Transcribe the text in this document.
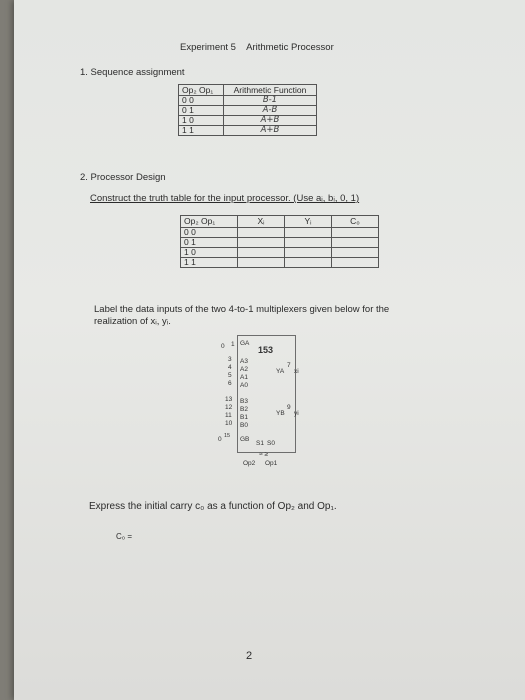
Experiment 5 Arithmetic Processor
1. Sequence assignment
Op₂ Op₁	Arithmetic Function
0 0	B-1
0 1	A-B
1 0	A+B
1 1	A+B
2. Processor Design
Construct the truth table for the input processor. (Use aᵢ, bᵢ, 0, 1)
Op₂ Op₁	Xᵢ	Yᵢ	C₀
0 0			
0 1			
1 0			
1 1			
Label the data inputs of the two 4-to-1 multiplexers given below for the
realization of xᵢ, yᵢ.
0 1 GA
153
3
4
5
6
A3
A2
A1
A0
YA
7
xi
13
12
11
10
B3
B2
B1
B0
YB
9
yi
0 15 GB
S1 S0
≈ ≥
Op2 Op1
Express the initial carry c₀ as a function of Op₂ and Op₁.
C₀ =
2
